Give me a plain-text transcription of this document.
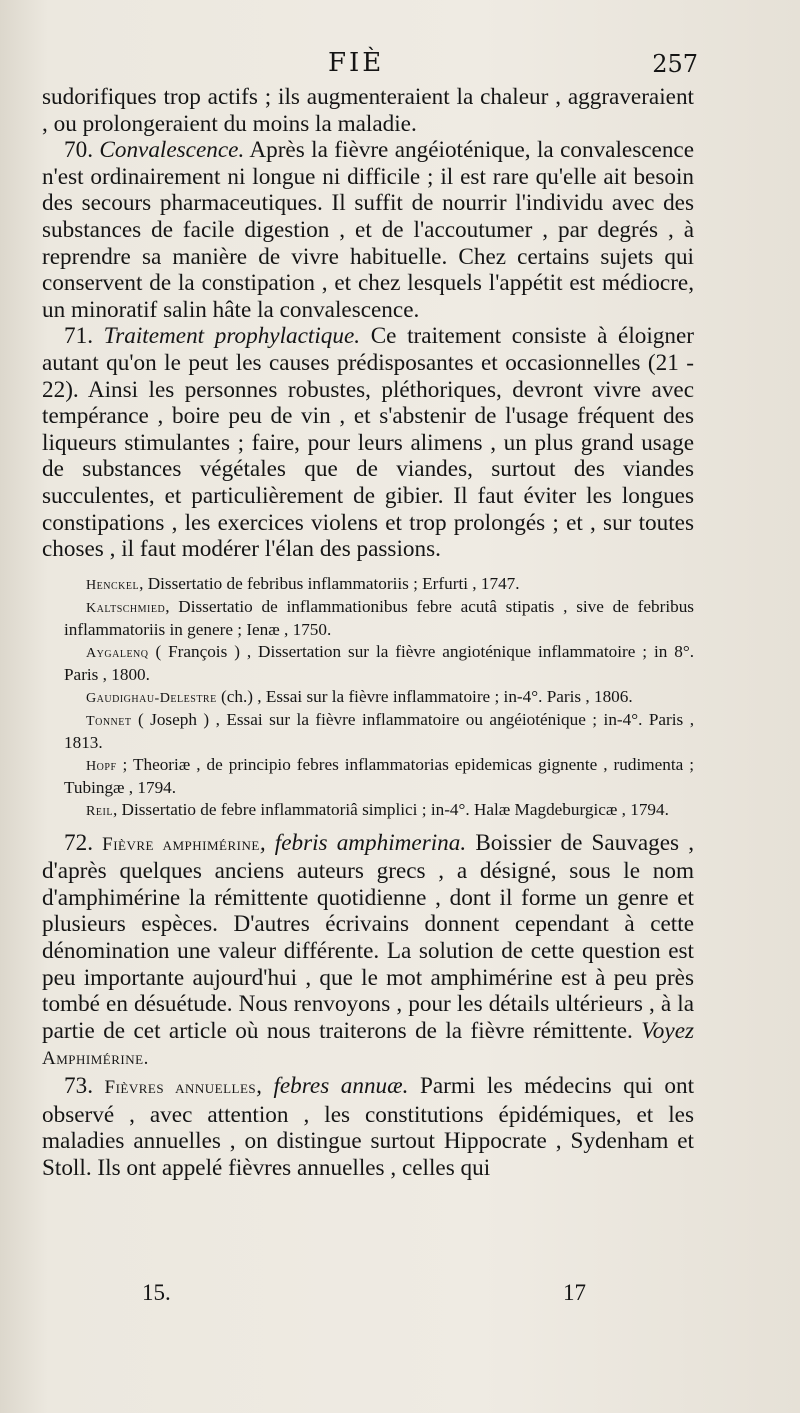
FIÈ	257

sudorifiques trop actifs ; ils augmenteraient la chaleur , aggraveraient , ou prolongeraient du moins la maladie.

70. Convalescence. Après la fièvre angéioténique, la convalescence n'est ordinairement ni longue ni difficile ; il est rare qu'elle ait besoin des secours pharmaceutiques. Il suffit de nourrir l'individu avec des substances de facile digestion , et de l'accoutumer , par degrés , à reprendre sa manière de vivre habituelle. Chez certains sujets qui conservent de la constipation , et chez lesquels l'appétit est médiocre, un minoratif salin hâte la convalescence.

71. Traitement prophylactique. Ce traitement consiste à éloigner autant qu'on le peut les causes prédisposantes et occasionnelles (21 - 22). Ainsi les personnes robustes, pléthoriques, devront vivre avec tempérance , boire peu de vin , et s'abstenir de l'usage fréquent des liqueurs stimulantes ; faire, pour leurs alimens , un plus grand usage de substances végétales que de viandes, surtout des viandes succulentes, et particulièrement de gibier. Il faut éviter les longues constipations , les exercices violens et trop prolongés ; et , sur toutes choses , il faut modérer l'élan des passions.

Henckel, Dissertatio de febribus inflammatoriis ; Erfurti , 1747.

Kaltschmied, Dissertatio de inflammationibus febre acutâ stipatis , sive de febribus inflammatoriis in genere ; Ienæ , 1750.

Aygalenq ( François ) , Dissertation sur la fièvre angioténique inflammatoire ; in 8°. Paris , 1800.

Gaudighau-Delestre (ch.) , Essai sur la fièvre inflammatoire ; in-4°. Paris , 1806.

Tonnet ( Joseph ) , Essai sur la fièvre inflammatoire ou angéioténique ; in-4°. Paris , 1813.

Hopf ; Theoriæ , de principio febres inflammatorias epidemicas gignente , rudimenta ; Tubingæ , 1794.

Reil, Dissertatio de febre inflammatoriâ simplici ; in-4°. Halæ Magdeburgicæ , 1794.

72. Fièvre amphimérine, febris amphimerina. Boissier de Sauvages , d'après quelques anciens auteurs grecs , a désigné, sous le nom d'amphimérine la rémittente quotidienne , dont il forme un genre et plusieurs espèces. D'autres écrivains donnent cependant à cette dénomination une valeur différente. La solution de cette question est peu importante aujourd'hui , que le mot amphimérine est à peu près tombé en désuétude. Nous renvoyons , pour les détails ultérieurs , à la partie de cet article où nous traiterons de la fièvre rémittente. Voyez Amphimérine.

73. Fièvres annuelles, febres annuæ. Parmi les médecins qui ont observé , avec attention , les constitutions épidémiques, et les maladies annuelles , on distingue surtout Hippocrate , Sydenham et Stoll. Ils ont appelé fièvres annuelles , celles qui

15.	17
